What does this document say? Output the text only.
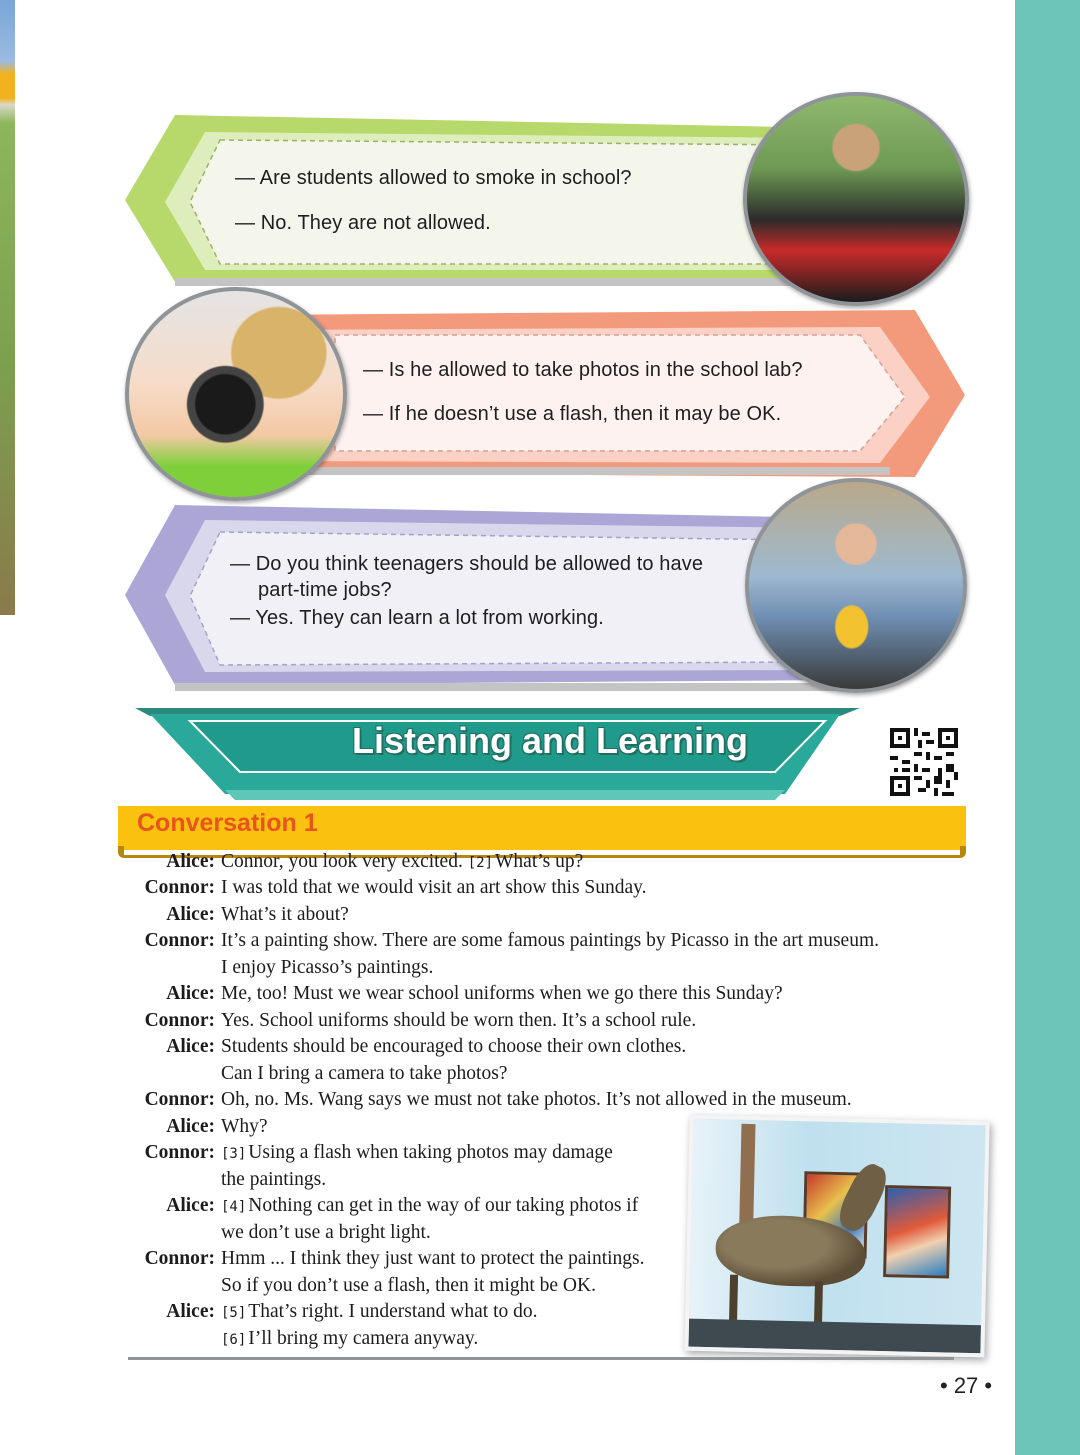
— Are students allowed to smoke in school?
— No. They are not allowed.
— Is he allowed to take photos in the school lab?
— If he doesn’t use a flash, then it may be OK.
— Do you think teenagers should be allowed to have
part-time jobs?
— Yes. They can learn a lot from working.
Listening and Learning
Conversation 1
Alice: Connor, you look very excited. [2] What’s up?
Connor: I was told that we would visit an art show this Sunday.
Alice: What’s it about?
Connor: It’s a painting show. There are some famous paintings by Picasso in the art museum.
I enjoy Picasso’s paintings.
Alice: Me, too! Must we wear school uniforms when we go there this Sunday?
Connor: Yes. School uniforms should be worn then. It’s a school rule.
Alice: Students should be encouraged to choose their own clothes.
Can I bring a camera to take photos?
Connor: Oh, no. Ms. Wang says we must not take photos. It’s not allowed in the museum.
Alice: Why?
Connor: [3] Using a flash when taking photos may damage
the paintings.
Alice: [4] Nothing can get in the way of our taking photos if
we don’t use a bright light.
Connor: Hmm ... I think they just want to protect the paintings.
So if you don’t use a flash, then it might be OK.
Alice: [5] That’s right. I understand what to do.
[6] I’ll bring my camera anyway.
• 27 •
